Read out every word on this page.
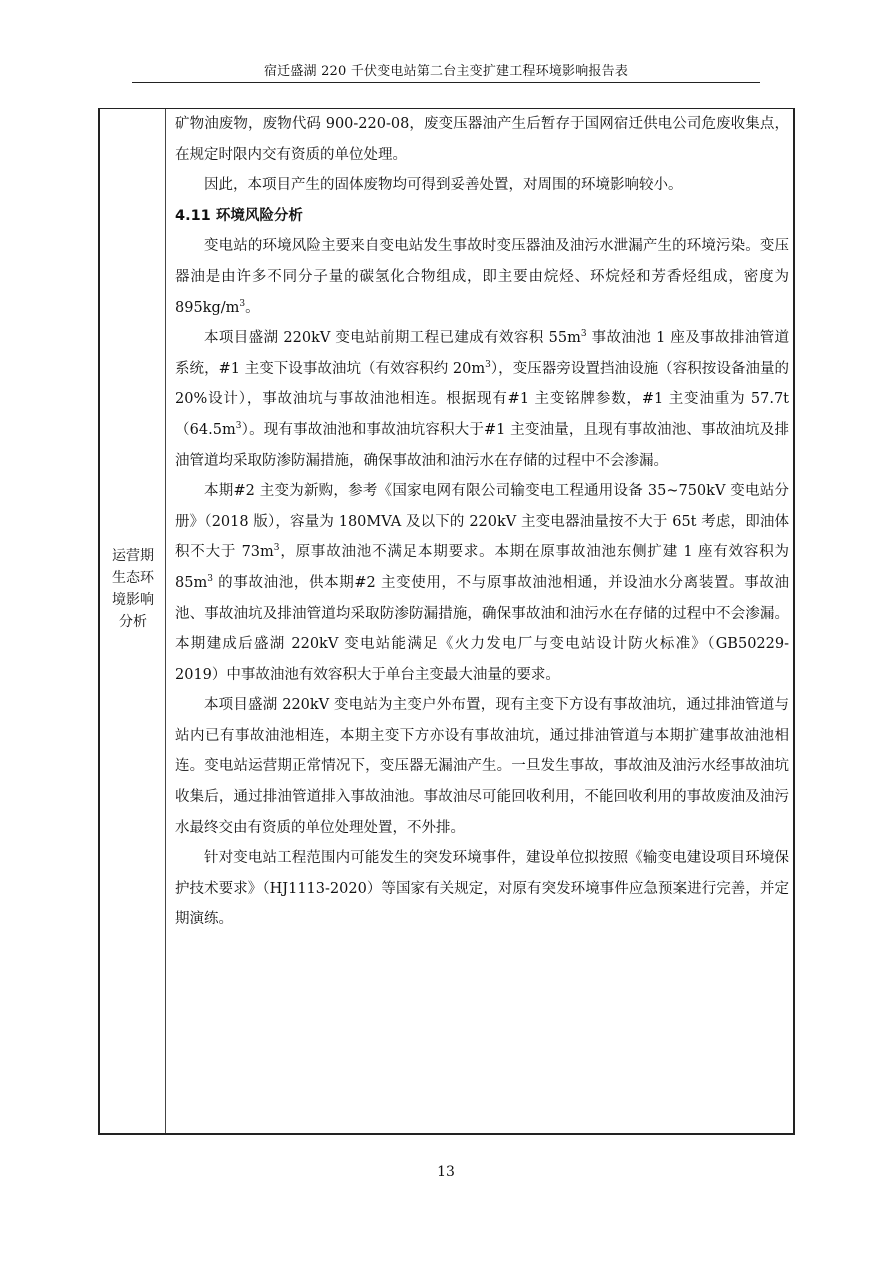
宿迁盛湖 220 千伏变电站第二台主变扩建工程环境影响报告表
运营期
生态环
境影响
分析

矿物油废物，废物代码 900-220-08，废变压器油产生后暂存于国网宿迁供电公司危废收集点，在规定时限内交有资质的单位处理。

因此，本项目产生的固体废物均可得到妥善处置，对周围的环境影响较小。

4.11 环境风险分析

变电站的环境风险主要来自变电站发生事故时变压器油及油污水泄漏产生的环境污染。变压器油是由许多不同分子量的碳氢化合物组成，即主要由烷烃、环烷烃和芳香烃组成，密度为 $895kg/m^3$。

本项目盛湖 220kV 变电站前期工程已建成有效容积 $55m^3$ 事故油池 1 座及事故排油管道系统，#1 主变下设事故油坑（有效容积约 $20m^3$），变压器旁设置挡油设施（容积按设备油量的 20%设计），事故油坑与事故油池相连。根据现有#1 主变铭牌参数，#1 主变油重为 $57.7t(64.5m^3)$。现有事故油池和事故油坑容积大于#1 主变油量，且现有事故油池、事故油坑及排油管道均采取防渗防漏措施，确保事故油和油污水在存储的过程中不会渗漏。

本期#2 主变为新购，参考《国家电网有限公司输变电工程通用设备 35~750kV 变电站分册》（2018 版），容量为 180MVA 及以下的 220kV 主变电器油量按不大于 65t 考虑，即油体积不大于 $73m^3$，原事故油池不满足本期要求。本期在原事故油池东侧扩建 1 座有效容积为 $85m^3$ 的事故油池，供本期#2 主变使用，不与原事故油池相通，并设油水分离装置。事故油池、事故油坑及排油管道均采取防渗防漏措施，确保事故油和油污水在存储的过程中不会渗漏。本期建成后盛湖 220kV 变电站能满足《火力发电厂与变电站设计防火标准》（GB50229-2019）中事故油池有效容积大于单台主变最大油量的要求。

本项目盛湖 220kV 变电站为主变户外布置，现有主变下方设有事故油坑，通过排油管道与站内已有事故油池相连，本期主变下方亦设有事故油坑，通过排油管道与本期扩建事故油池相连。变电站运营期正常情况下，变压器无漏油产生。一旦发生事故，事故油及油污水经事故油坑收集后，通过排油管道排入事故油池。事故油尽可能回收利用，不能回收利用的事故废油及油污水最终交由有资质的单位处理处置，不外排。

针对变电站工程范围内可能发生的突发环境事件，建设单位拟按照《输变电建设项目环境保护技术要求》（HJ1113-2020）等国家有关规定，对原有突发环境事件应急预案进行完善，并定期演练。

13
